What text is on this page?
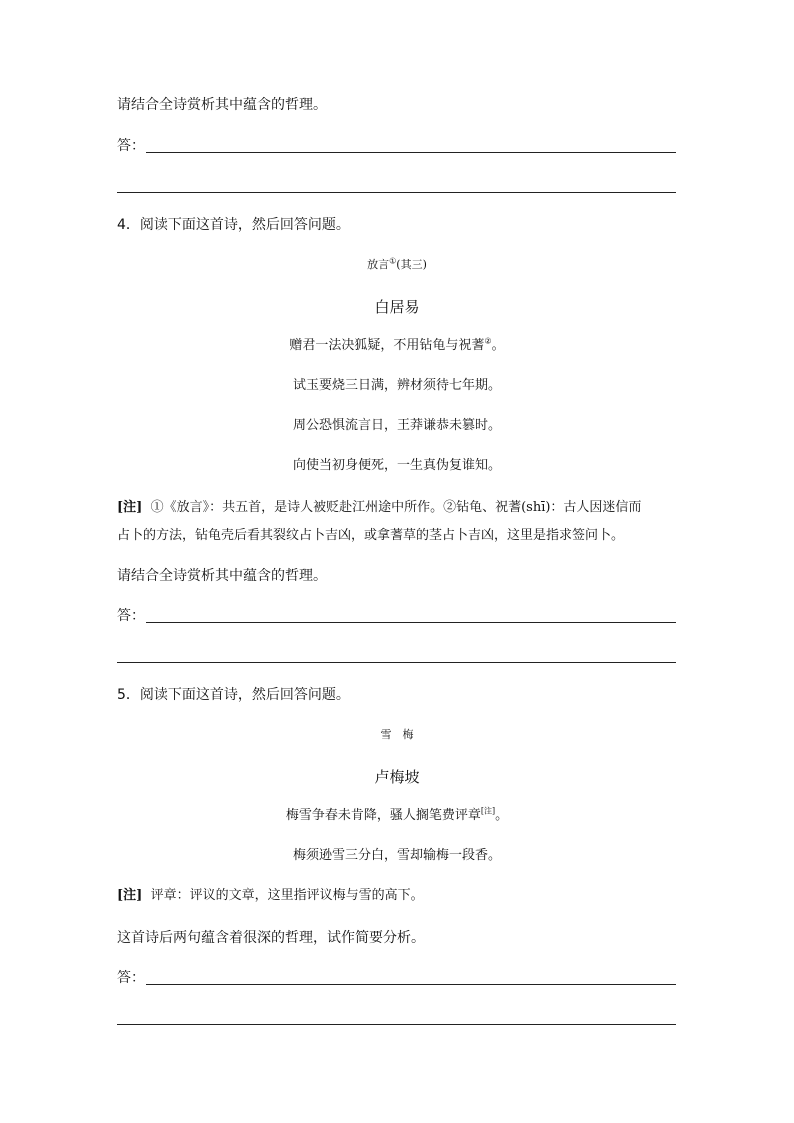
请结合全诗赏析其中蕴含的哲理。
答：
4．阅读下面这首诗，然后回答问题。
放言①(其三)
白居易
赠君一法决狐疑，不用钻龟与祝蓍②。
试玉要烧三日满，辨材须待七年期。
周公恐惧流言日，王莽谦恭未篡时。
向使当初身便死，一生真伪复谁知。
[注] ①《放言》：共五首，是诗人被贬赴江州途中所作。②钻龟、祝蓍(shī)：古人因迷信而
占卜的方法，钻龟壳后看其裂纹占卜吉凶，或拿蓍草的茎占卜吉凶，这里是指求签问卜。
请结合全诗赏析其中蕴含的哲理。
答：
5．阅读下面这首诗，然后回答问题。
雪　梅
卢梅坡
梅雪争春未肯降，骚人搁笔费评章[注]。
梅须逊雪三分白，雪却输梅一段香。
[注] 评章：评议的文章，这里指评议梅与雪的高下。
这首诗后两句蕴含着很深的哲理，试作简要分析。
答：
